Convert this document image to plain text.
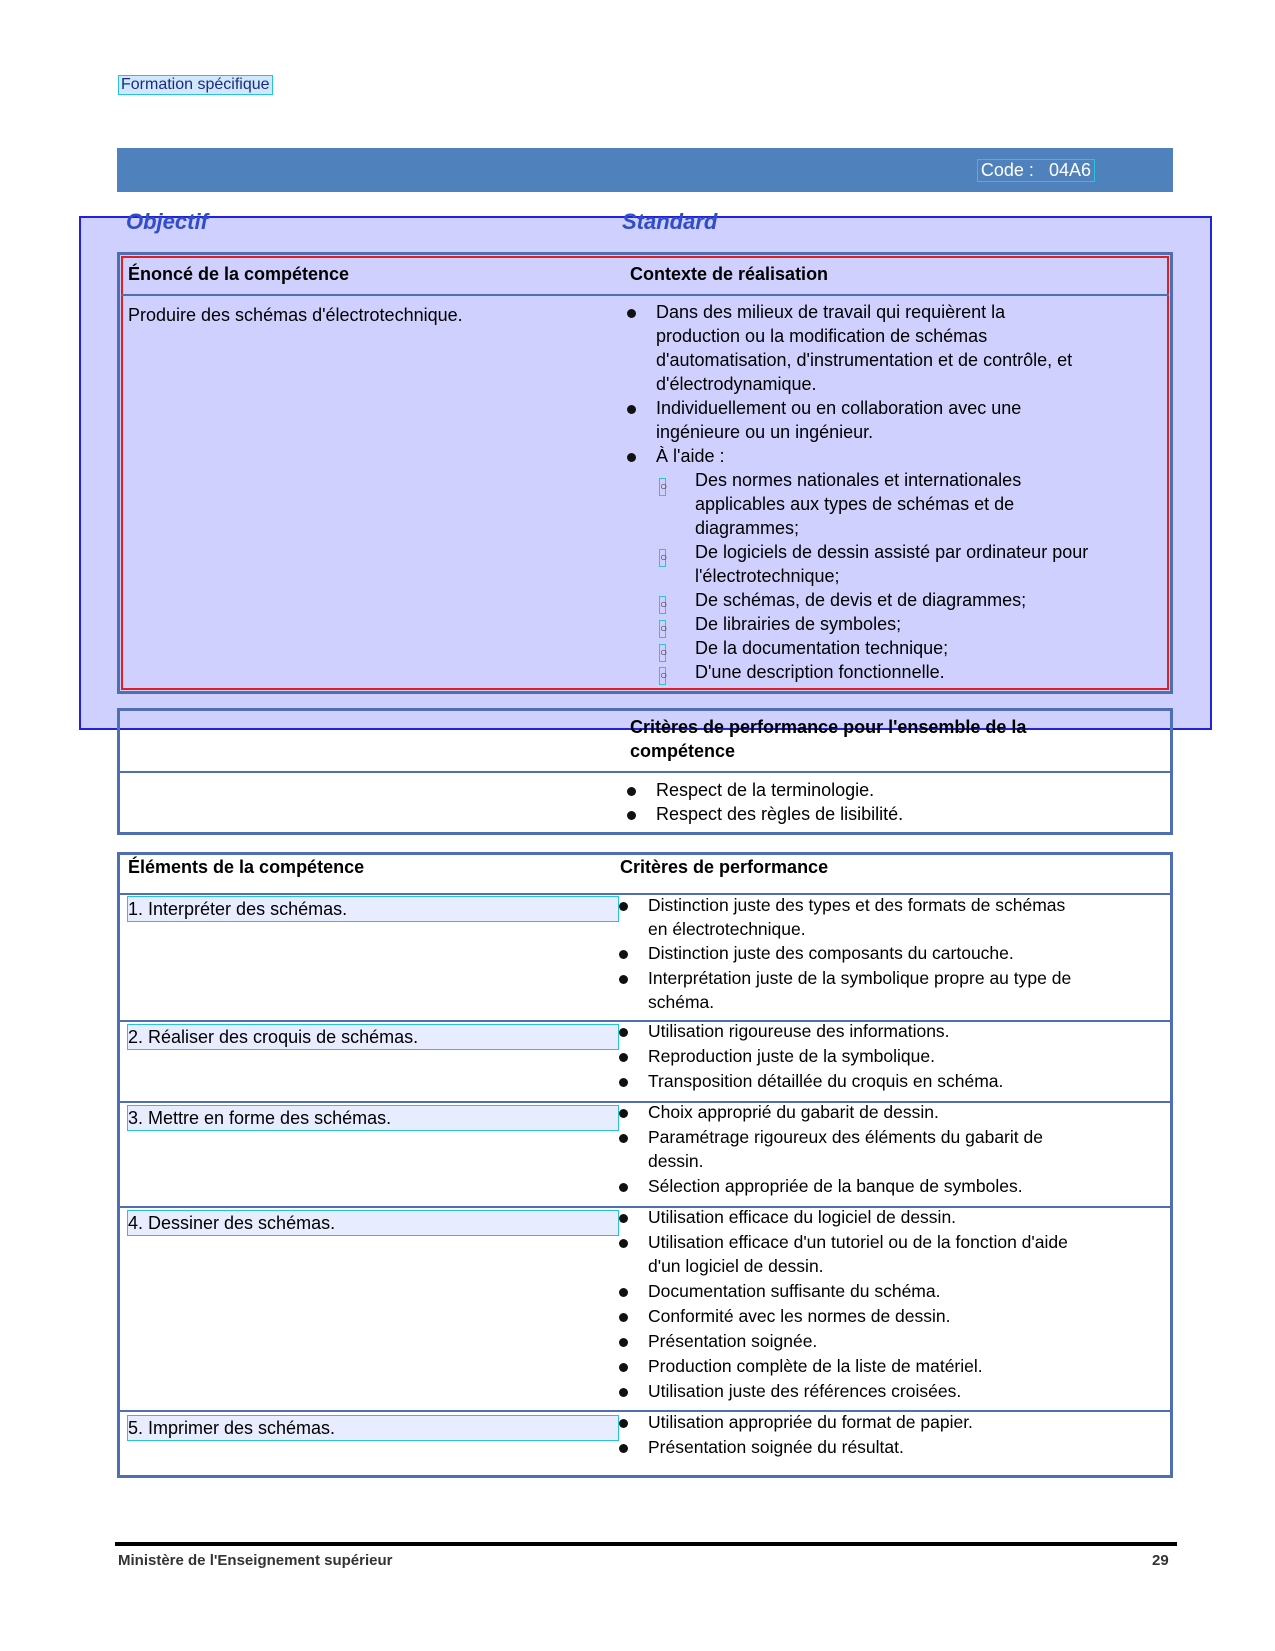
Formation spécifique
Code : 04A6
Objectif	Standard
Énoncé de la compétence	Contexte de réalisation
Produire des schémas d'électrotechnique.	Dans des milieux de travail qui requièrent la
production ou la modification de schémas
d'automatisation, d'instrumentation et de contrôle, et
d'électrodynamique.
Individuellement ou en collaboration avec une
ingénieure ou un ingénieur.
À l'aide :
○ Des normes nationales et internationales
applicables aux types de schémas et de
diagrammes;
○ De logiciels de dessin assisté par ordinateur pour
l'électrotechnique;
○ De schémas, de devis et de diagrammes;
○ De librairies de symboles;
○ De la documentation technique;
○ D'une description fonctionnelle.
Critères de performance pour l'ensemble de la
compétence
Respect de la terminologie.
Respect des règles de lisibilité.
Éléments de la compétence	Critères de performance
1. Interpréter des schémas.	Distinction juste des types et des formats de schémas
en électrotechnique.
Distinction juste des composants du cartouche.
Interprétation juste de la symbolique propre au type de
schéma.
2. Réaliser des croquis de schémas.	Utilisation rigoureuse des informations.
Reproduction juste de la symbolique.
Transposition détaillée du croquis en schéma.
3. Mettre en forme des schémas.	Choix approprié du gabarit de dessin.
Paramétrage rigoureux des éléments du gabarit de
dessin.
Sélection appropriée de la banque de symboles.
4. Dessiner des schémas.	Utilisation efficace du logiciel de dessin.
Utilisation efficace d'un tutoriel ou de la fonction d'aide
d'un logiciel de dessin.
Documentation suffisante du schéma.
Conformité avec les normes de dessin.
Présentation soignée.
Production complète de la liste de matériel.
Utilisation juste des références croisées.
5. Imprimer des schémas.	Utilisation appropriée du format de papier.
Présentation soignée du résultat.
Ministère de l'Enseignement supérieur	29
